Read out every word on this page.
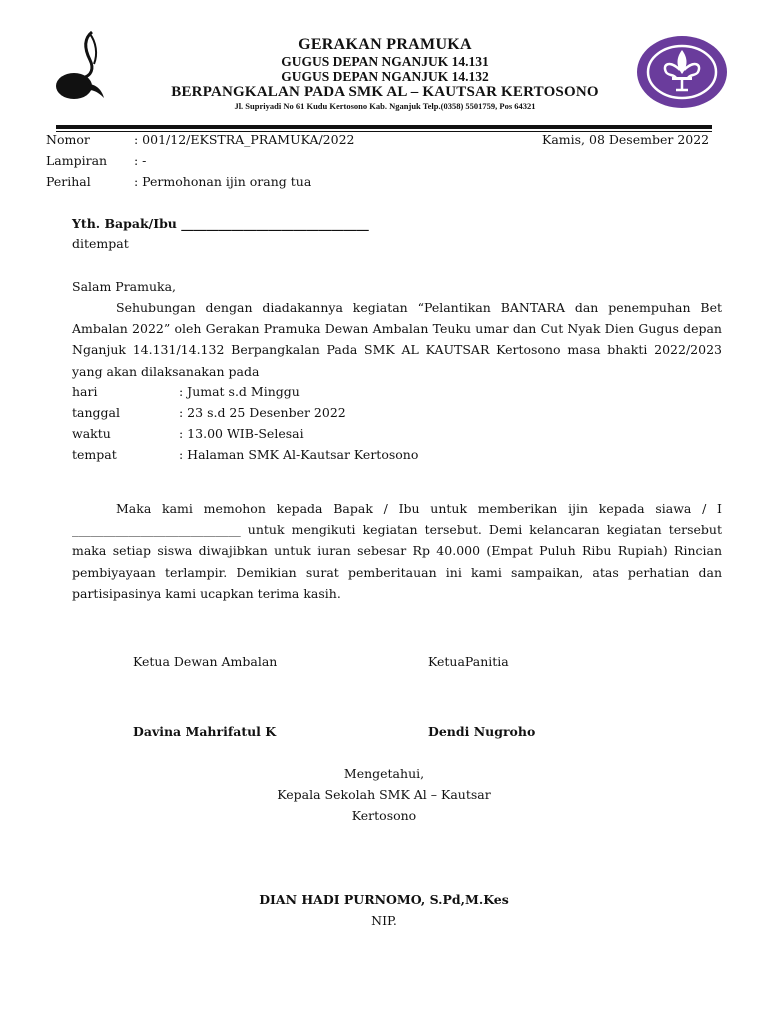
GERAKAN PRAMUKA
GUGUS DEPAN NGANJUK 14.131
GUGUS DEPAN NGANJUK 14.132
BERPANGKALAN PADA SMK AL – KAUTSAR KERTOSONO
Jl. Supriyadi No 61 Kudu Kertosono Kab. Nganjuk Telp.(0358) 5501759, Pos 64321
Nomor	: 001/12/EKSTRA_PRAMUKA/2022	Kamis, 08 Desember 2022
Lampiran : -
Perihal	: Permohonan ijin orang tua
Yth. Bapak/Ibu ______________________________
ditempat
Salam Pramuka,
Sehubungan dengan diadakannya kegiatan “Pelantikan BANTARA dan penempuhan Bet Ambalan 2022” oleh Gerakan Pramuka Dewan Ambalan Teuku umar dan Cut Nyak Dien Gugus depan Nganjuk 14.131/14.132 Berpangkalan Pada SMK AL KAUTSAR Kertosono masa bhakti 2022/2023 yang akan dilaksanakan pada
hari	: Jumat s.d Minggu
tanggal	: 23 s.d 25 Desenber 2022
waktu	: 13.00 WIB-Selesai
tempat	: Halaman SMK Al-Kautsar Kertosono
Maka kami memohon kepada Bapak / Ibu untuk memberikan ijin kepada siawa / I ___________________________ untuk mengikuti kegiatan tersebut. Demi kelancaran kegiatan tersebut maka setiap siswa diwajibkan untuk iuran sebesar Rp 40.000 (Empat Puluh Ribu Rupiah) Rincian pembiyayaan terlampir. Demikian surat pemberitauan ini kami sampaikan, atas perhatian dan partisipasinya kami ucapkan terima kasih.
Ketua Dewan Ambalan	KetuaPanitia
Davina Mahrifatul K	Dendi Nugroho
Mengetahui,
Kepala Sekolah SMK Al – Kautsar
Kertosono
DIAN HADI PURNOMO, S.Pd,M.Kes
NIP.
